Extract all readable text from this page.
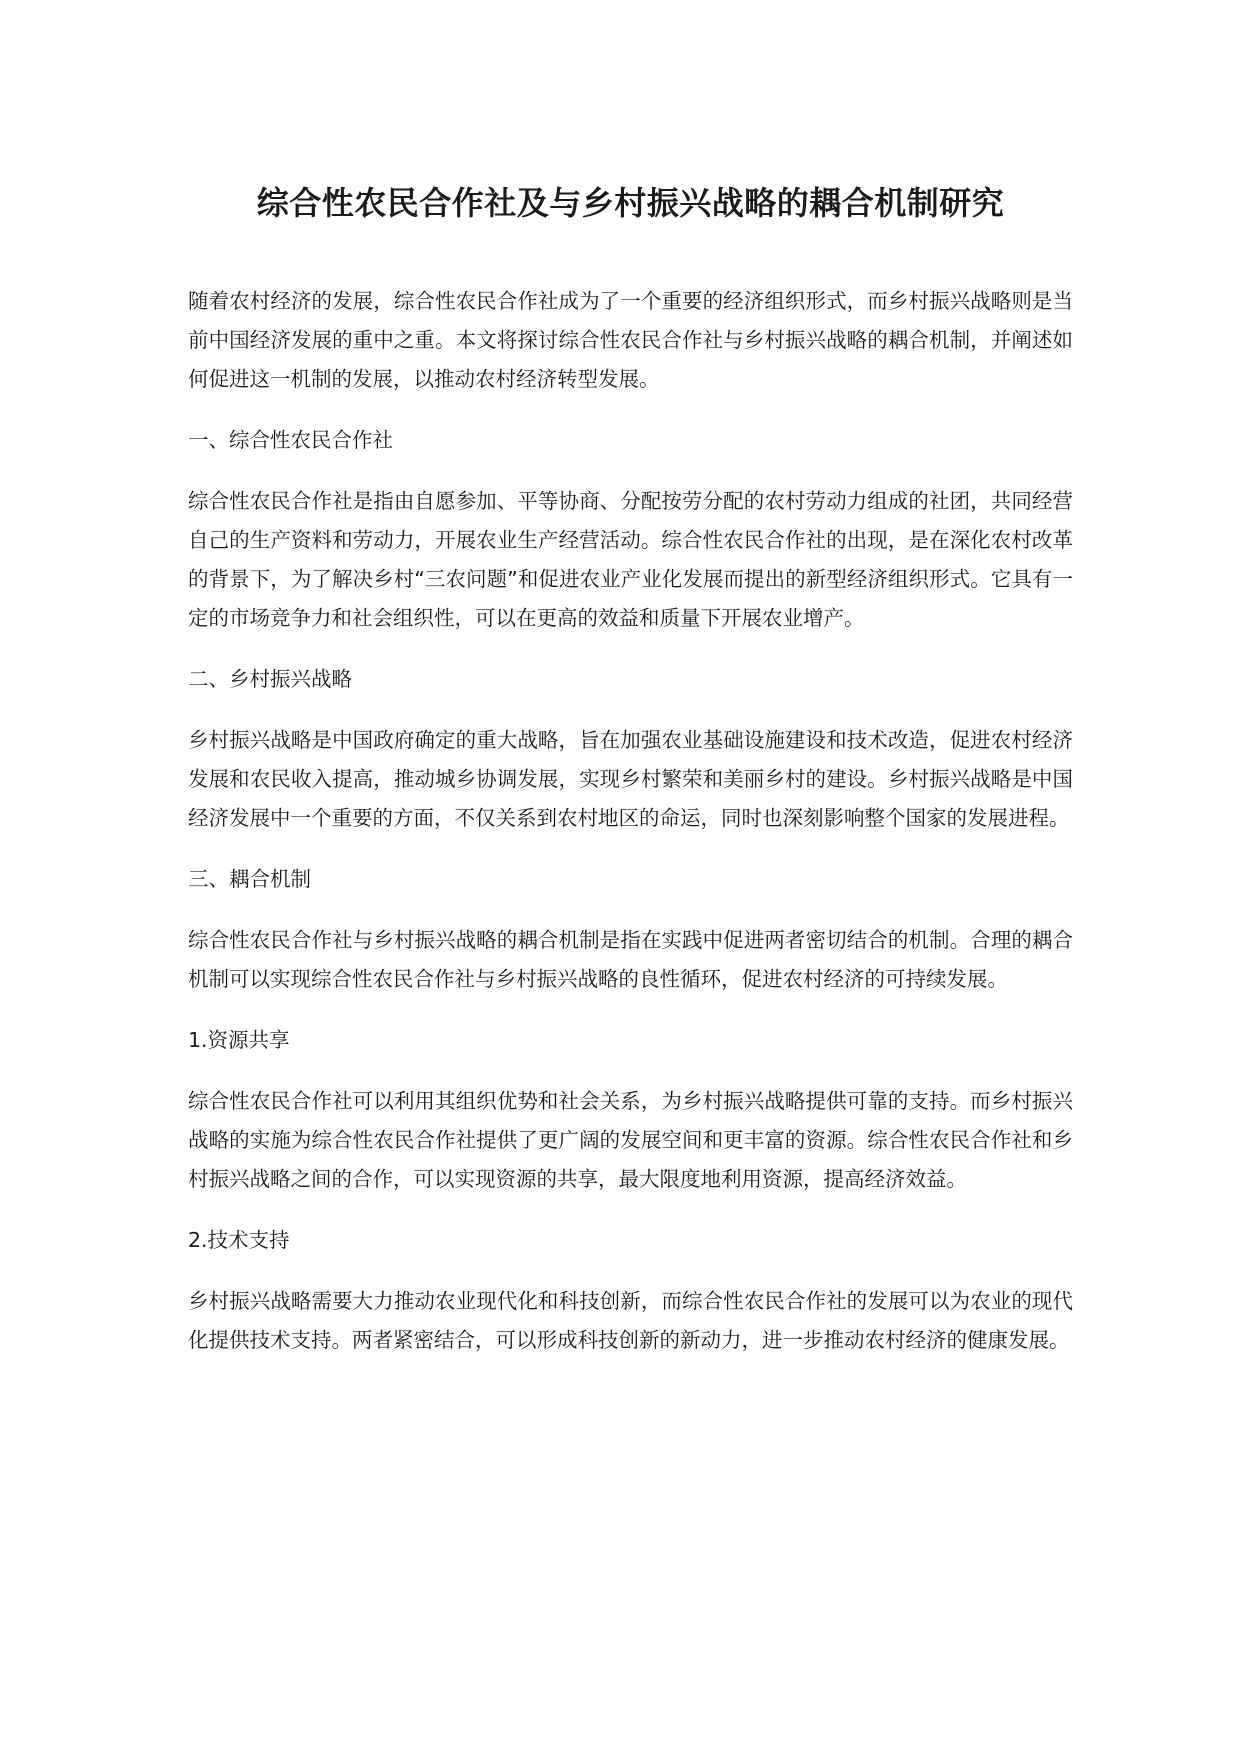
综合性农民合作社及与乡村振兴战略的耦合机制研究

随着农村经济的发展，综合性农民合作社成为了一个重要的经济组织形式，而乡村振兴战略则是当前中国经济发展的重中之重。本文将探讨综合性农民合作社与乡村振兴战略的耦合机制，并阐述如何促进这一机制的发展，以推动农村经济转型发展。

一、综合性农民合作社

综合性农民合作社是指由自愿参加、平等协商、分配按劳分配的农村劳动力组成的社团，共同经营自己的生产资料和劳动力，开展农业生产经营活动。综合性农民合作社的出现，是在深化农村改革的背景下，为了解决乡村“三农问题”和促进农业产业化发展而提出的新型经济组织形式。它具有一定的市场竞争力和社会组织性，可以在更高的效益和质量下开展农业增产。

二、乡村振兴战略

乡村振兴战略是中国政府确定的重大战略，旨在加强农业基础设施建设和技术改造，促进农村经济发展和农民收入提高，推动城乡协调发展，实现乡村繁荣和美丽乡村的建设。乡村振兴战略是中国经济发展中一个重要的方面，不仅关系到农村地区的命运，同时也深刻影响整个国家的发展进程。

三、耦合机制

综合性农民合作社与乡村振兴战略的耦合机制是指在实践中促进两者密切结合的机制。合理的耦合机制可以实现综合性农民合作社与乡村振兴战略的良性循环，促进农村经济的可持续发展。

1.资源共享

综合性农民合作社可以利用其组织优势和社会关系，为乡村振兴战略提供可靠的支持。而乡村振兴战略的实施为综合性农民合作社提供了更广阔的发展空间和更丰富的资源。综合性农民合作社和乡村振兴战略之间的合作，可以实现资源的共享，最大限度地利用资源，提高经济效益。

2.技术支持

乡村振兴战略需要大力推动农业现代化和科技创新，而综合性农民合作社的发展可以为农业的现代化提供技术支持。两者紧密结合，可以形成科技创新的新动力，进一步推动农村经济的健康发展。
